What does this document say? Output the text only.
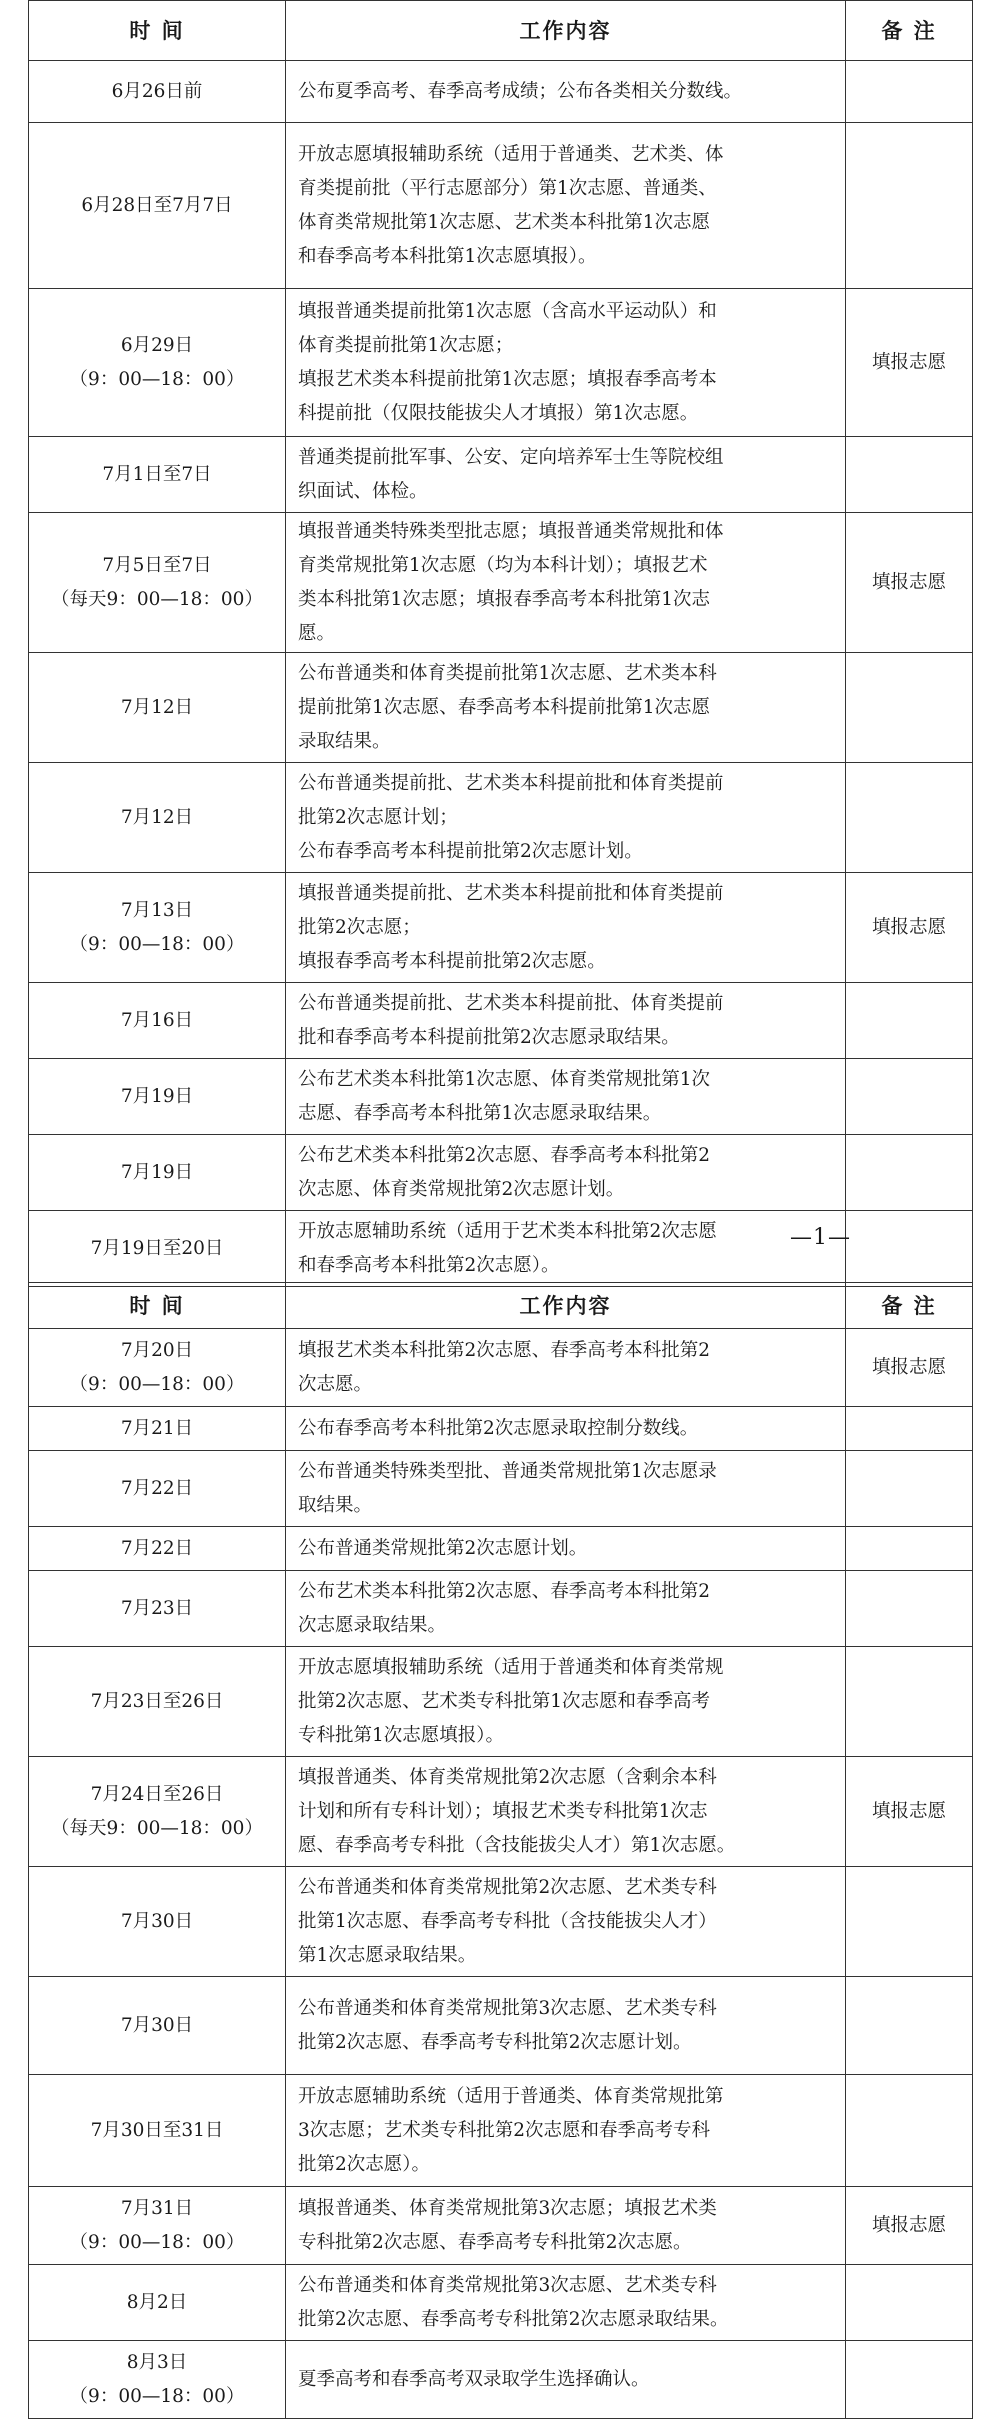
时 间	工作内容	备 注

6月26日前	公布夏季高考、春季高考成绩；公布各类相关分数线。	

6月28日至7月7日	开放志愿填报辅助系统（适用于普通类、艺术类、体
育类提前批（平行志愿部分）第1次志愿、普通类、
体育类常规批第1次志愿、艺术类本科批第1次志愿
和春季高考本科批第1次志愿填报）。	

6月29日
（9：00—18：00）	填报普通类提前批第1次志愿（含高水平运动队）和
体育类提前批第1次志愿；
填报艺术类本科提前批第1次志愿；填报春季高考本
科提前批（仅限技能拔尖人才填报）第1次志愿。	填报志愿

7月1日至7日	普通类提前批军事、公安、定向培养军士生等院校组
织面试、体检。	

7月5日至7日
（每天9：00—18：00）	填报普通类特殊类型批志愿；填报普通类常规批和体
育类常规批第1次志愿（均为本科计划）；填报艺术
类本科批第1次志愿；填报春季高考本科批第1次志
愿。	填报志愿

7月12日	公布普通类和体育类提前批第1次志愿、艺术类本科
提前批第1次志愿、春季高考本科提前批第1次志愿
录取结果。	

7月12日	公布普通类提前批、艺术类本科提前批和体育类提前
批第2次志愿计划；
公布春季高考本科提前批第2次志愿计划。	

7月13日
（9：00—18：00）	填报普通类提前批、艺术类本科提前批和体育类提前
批第2次志愿；
填报春季高考本科提前批第2次志愿。	填报志愿

7月16日	公布普通类提前批、艺术类本科提前批、体育类提前
批和春季高考本科提前批第2次志愿录取结果。	

7月19日	公布艺术类本科批第1次志愿、体育类常规批第1次
志愿、春季高考本科批第1次志愿录取结果。	

7月19日	公布艺术类本科批第2次志愿、春季高考本科批第2
次志愿、体育类常规批第2次志愿计划。	

7月19日至20日	开放志愿辅助系统（适用于艺术类本科批第2次志愿
和春季高考本科批第2次志愿）。	

—1—
时 间	工作内容	备 注

7月20日
（9：00—18：00）	填报艺术类本科批第2次志愿、春季高考本科批第2
次志愿。	填报志愿

7月21日	公布春季高考本科批第2次志愿录取控制分数线。	

7月22日	公布普通类特殊类型批、普通类常规批第1次志愿录
取结果。	

7月22日	公布普通类常规批第2次志愿计划。	

7月23日	公布艺术类本科批第2次志愿、春季高考本科批第2
次志愿录取结果。	

7月23日至26日	开放志愿填报辅助系统（适用于普通类和体育类常规
批第2次志愿、艺术类专科批第1次志愿和春季高考
专科批第1次志愿填报）。	

7月24日至26日
（每天9：00—18：00）	填报普通类、体育类常规批第2次志愿（含剩余本科
计划和所有专科计划）；填报艺术类专科批第1次志
愿、春季高考专科批（含技能拔尖人才）第1次志愿。	填报志愿

7月30日	公布普通类和体育类常规批第2次志愿、艺术类专科
批第1次志愿、春季高考专科批（含技能拔尖人才）
第1次志愿录取结果。	

7月30日	公布普通类和体育类常规批第3次志愿、艺术类专科
批第2次志愿、春季高考专科批第2次志愿计划。	

7月30日至31日	开放志愿辅助系统（适用于普通类、体育类常规批第
3次志愿；艺术类专科批第2次志愿和春季高考专科
批第2次志愿）。	

7月31日
（9：00—18：00）	填报普通类、体育类常规批第3次志愿；填报艺术类
专科批第2次志愿、春季高考专科批第2次志愿。	填报志愿

8月2日	公布普通类和体育类常规批第3次志愿、艺术类专科
批第2次志愿、春季高考专科批第2次志愿录取结果。	

8月3日
（9：00—18：00）	夏季高考和春季高考双录取学生选择确认。	
